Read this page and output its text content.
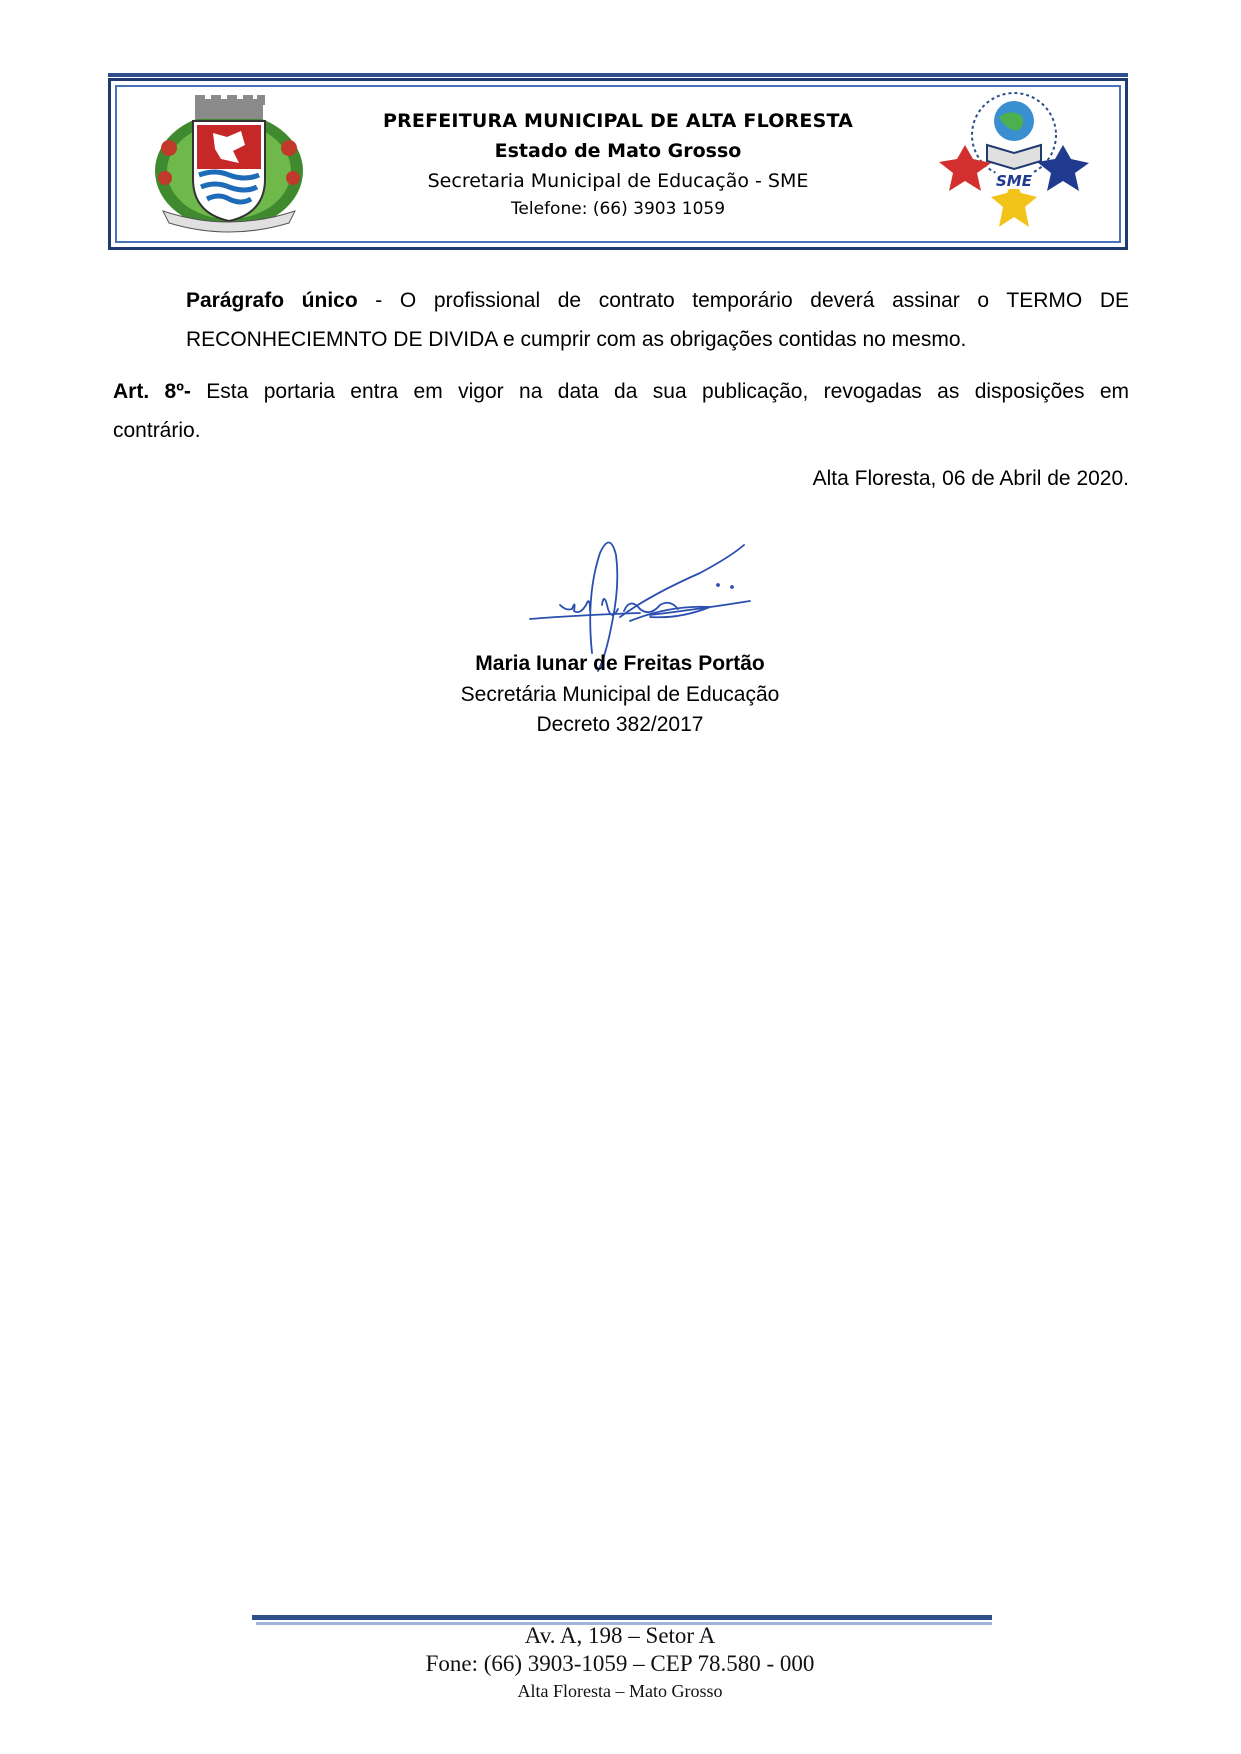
PREFEITURA MUNICIPAL DE ALTA FLORESTA
Estado de Mato Grosso
Secretaria Municipal de Educação - SME
Telefone: (66) 3903 1059
SME
Parágrafo único - O profissional de contrato temporário deverá assinar o TERMO DE
RECONHECIEMNTO DE DIVIDA e cumprir com as obrigações contidas no mesmo.
Art. 8º- Esta portaria entra em vigor na data da sua publicação, revogadas as disposições em
contrário.
Alta Floresta, 06 de Abril de 2020.
Maria Iunar de Freitas Portão
Secretária Municipal de Educação
Decreto 382/2017
Av. A, 198 – Setor A
Fone: (66) 3903-1059 – CEP 78.580 - 000
Alta Floresta – Mato Grosso
